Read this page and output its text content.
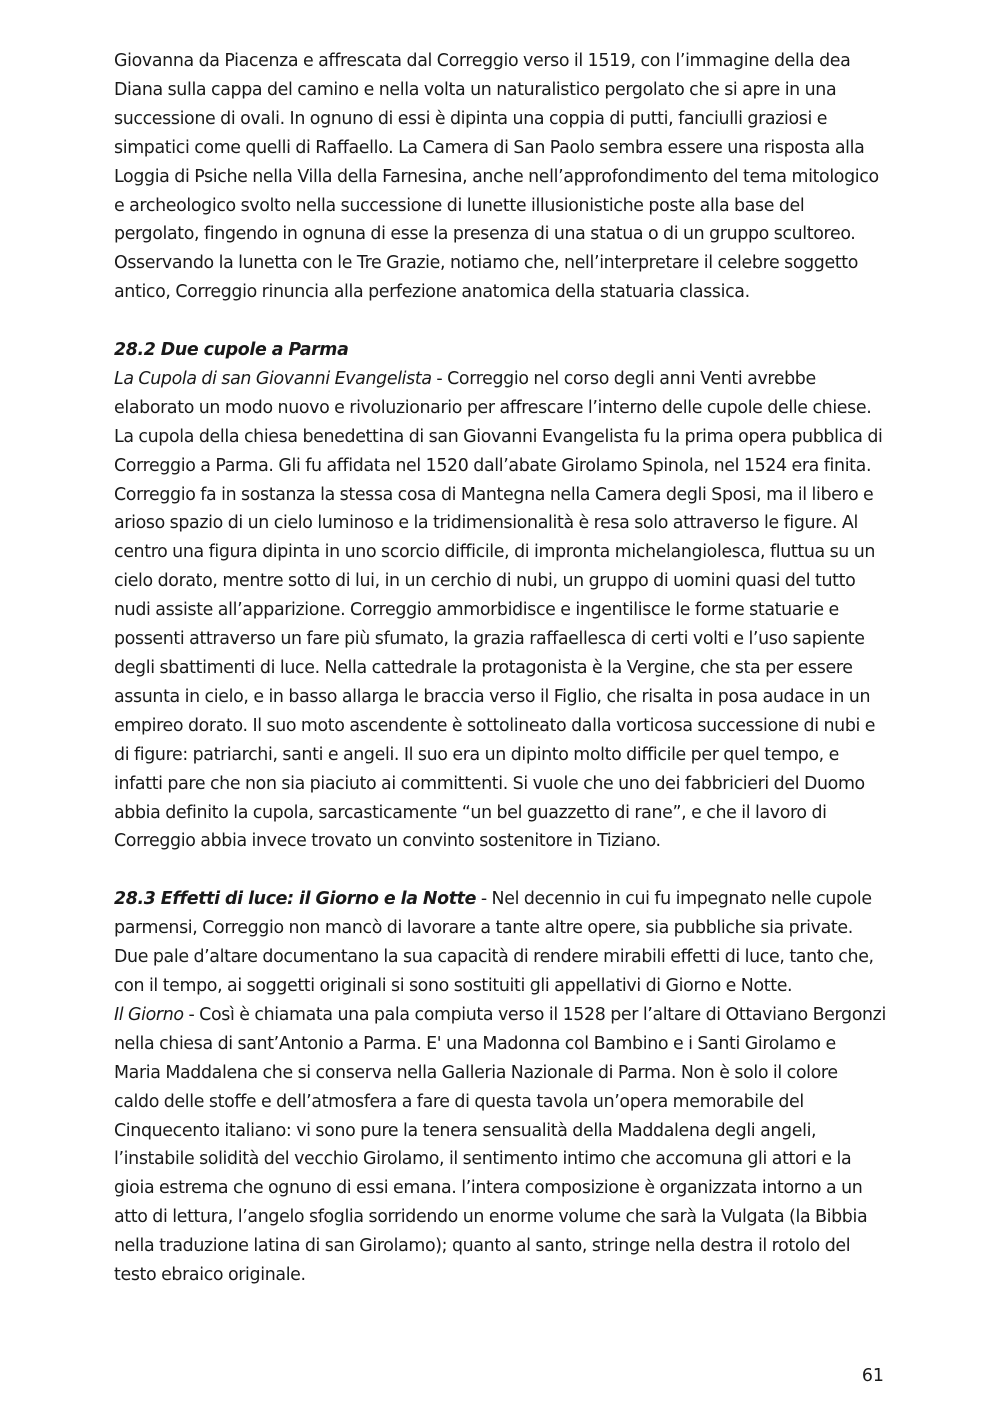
Giovanna da Piacenza e affrescata dal Correggio verso il 1519, con l’immagine della dea Diana sulla cappa del camino e nella volta un naturalistico pergolato che si apre in una successione di ovali. In ognuno di essi è dipinta una coppia di putti, fanciulli graziosi e simpatici come quelli di Raffaello. La Camera di San Paolo sembra essere una risposta alla Loggia di Psiche nella Villa della Farnesina, anche nell’approfondimento del tema mitologico e archeologico svolto nella successione di lunette illusionistiche poste alla base del pergolato, fingendo in ognuna di esse la presenza di una statua o di un gruppo scultoreo. Osservando la lunetta con le Tre Grazie, notiamo che, nell’interpretare il celebre soggetto antico, Correggio rinuncia alla perfezione anatomica della statuaria classica.

28.2 Due cupole a Parma

La Cupola di san Giovanni Evangelista - Correggio nel corso degli anni Venti avrebbe elaborato un modo nuovo e rivoluzionario per affrescare l’interno delle cupole delle chiese. La cupola della chiesa benedettina di san Giovanni Evangelista fu la prima opera pubblica di Correggio a Parma. Gli fu affidata nel 1520 dall’abate Girolamo Spinola, nel 1524 era finita. Correggio fa in sostanza la stessa cosa di Mantegna nella Camera degli Sposi, ma il libero e arioso spazio di un cielo luminoso e la tridimensionalità è resa solo attraverso le figure. Al centro una figura dipinta in uno scorcio difficile, di impronta michelangiolesca, fluttua su un cielo dorato, mentre sotto di lui, in un cerchio di nubi, un gruppo di uomini quasi del tutto nudi assiste all’apparizione. Correggio ammorbidisce e ingentilisce le forme statuarie e possenti attraverso un fare più sfumato, la grazia raffaellesca di certi volti e l’uso sapiente degli sbattimenti di luce. Nella cattedrale la protagonista è la Vergine, che sta per essere assunta in cielo, e in basso allarga le braccia verso il Figlio, che risalta in posa audace in un empireo dorato. Il suo moto ascendente è sottolineato dalla vorticosa successione di nubi e di figure: patriarchi, santi e angeli. Il suo era un dipinto molto difficile per quel tempo, e infatti pare che non sia piaciuto ai committenti. Si vuole che uno dei fabbricieri del Duomo abbia definito la cupola, sarcasticamente “un bel guazzetto di rane”, e che il lavoro di Correggio abbia invece trovato un convinto sostenitore in Tiziano.

28.3 Effetti di luce: il Giorno e la Notte - Nel decennio in cui fu impegnato nelle cupole parmensi, Correggio non mancò di lavorare a tante altre opere, sia pubbliche sia private. Due pale d’altare documentano la sua capacità di rendere mirabili effetti di luce, tanto che, con il tempo, ai soggetti originali si sono sostituiti gli appellativi di Giorno e Notte.

Il Giorno - Così è chiamata una pala compiuta verso il 1528 per l’altare di Ottaviano Bergonzi nella chiesa di sant’Antonio a Parma. E' una Madonna col Bambino e i Santi Girolamo e Maria Maddalena che si conserva nella Galleria Nazionale di Parma. Non è solo il colore caldo delle stoffe e dell’atmosfera a fare di questa tavola un’opera memorabile del Cinquecento italiano: vi sono pure la tenera sensualità della Maddalena degli angeli, l’instabile solidità del vecchio Girolamo, il sentimento intimo che accomuna gli attori e la gioia estrema che ognuno di essi emana. l’intera composizione è organizzata intorno a un atto di lettura, l’angelo sfoglia sorridendo un enorme volume che sarà la Vulgata (la Bibbia nella traduzione latina di san Girolamo); quanto al santo, stringe nella destra il rotolo del testo ebraico originale.

61
